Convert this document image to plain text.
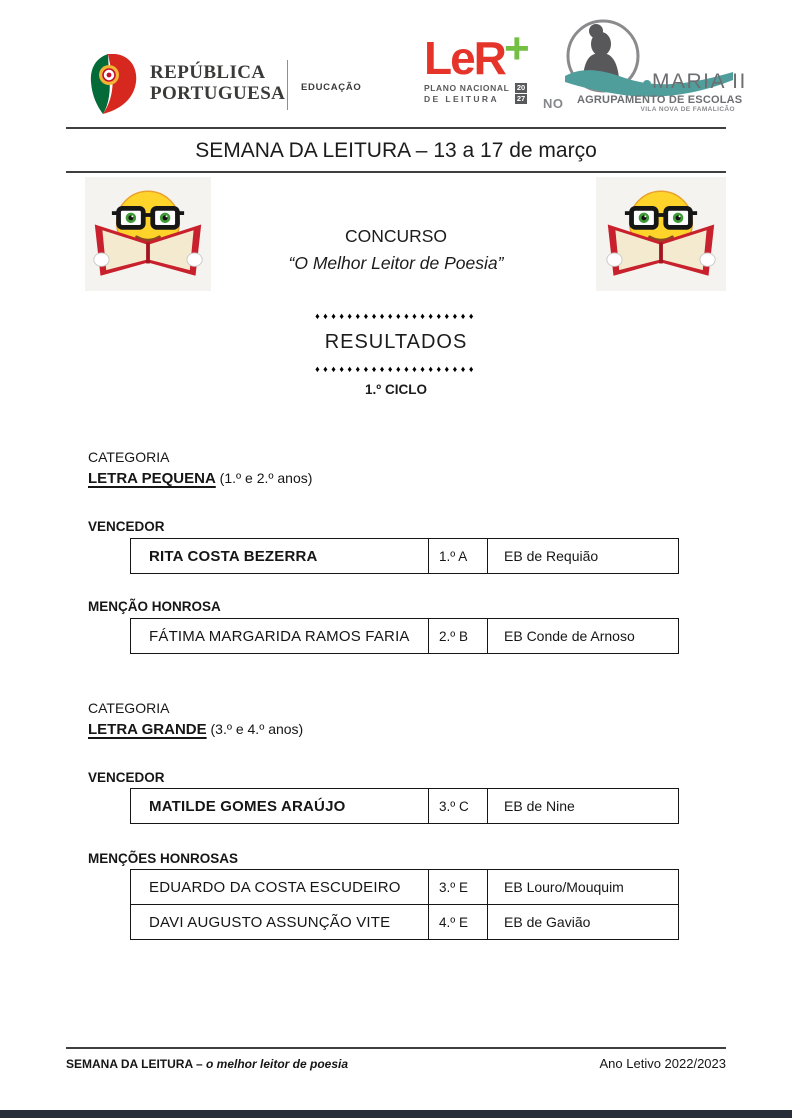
REPÚBLICA
PORTUGUESA EDUCAÇÃO
LeR +
PLANO NACIONAL 20
DE LEITURA	27 NO
MARIA II
AGRUPAMENTO DE ESCOLAS
VILA NOVA DE FAMALICÃO
SEMANA DA LEITURA – 13 a 17 de março
CONCURSO
“O Melhor Leitor de Poesia”
♦♦♦♦♦♦♦♦♦♦♦♦♦♦♦♦♦♦♦♦
RESULTADOS
♦♦♦♦♦♦♦♦♦♦♦♦♦♦♦♦♦♦♦♦
1.º CICLO
CATEGORIA
LETRA PEQUENA (1.º e 2.º anos)
VENCEDOR
RITA COSTA BEZERRA	1.º A	EB de Requião
MENÇÃO HONROSA
FÁTIMA MARGARIDA RAMOS FARIA	2.º B	EB Conde de Arnoso
CATEGORIA
LETRA GRANDE (3.º e 4.º anos)
VENCEDOR
MATILDE GOMES ARAÚJO	3.º C	EB de Nine
MENÇÕES HONROSAS
EDUARDO DA COSTA ESCUDEIRO	3.º E	EB Louro/Mouquim
DAVI AUGUSTO ASSUNÇÃO VITE	4.º E	EB de Gavião
SEMANA DA LEITURA – o melhor leitor de poesia	Ano Letivo 2022/2023
